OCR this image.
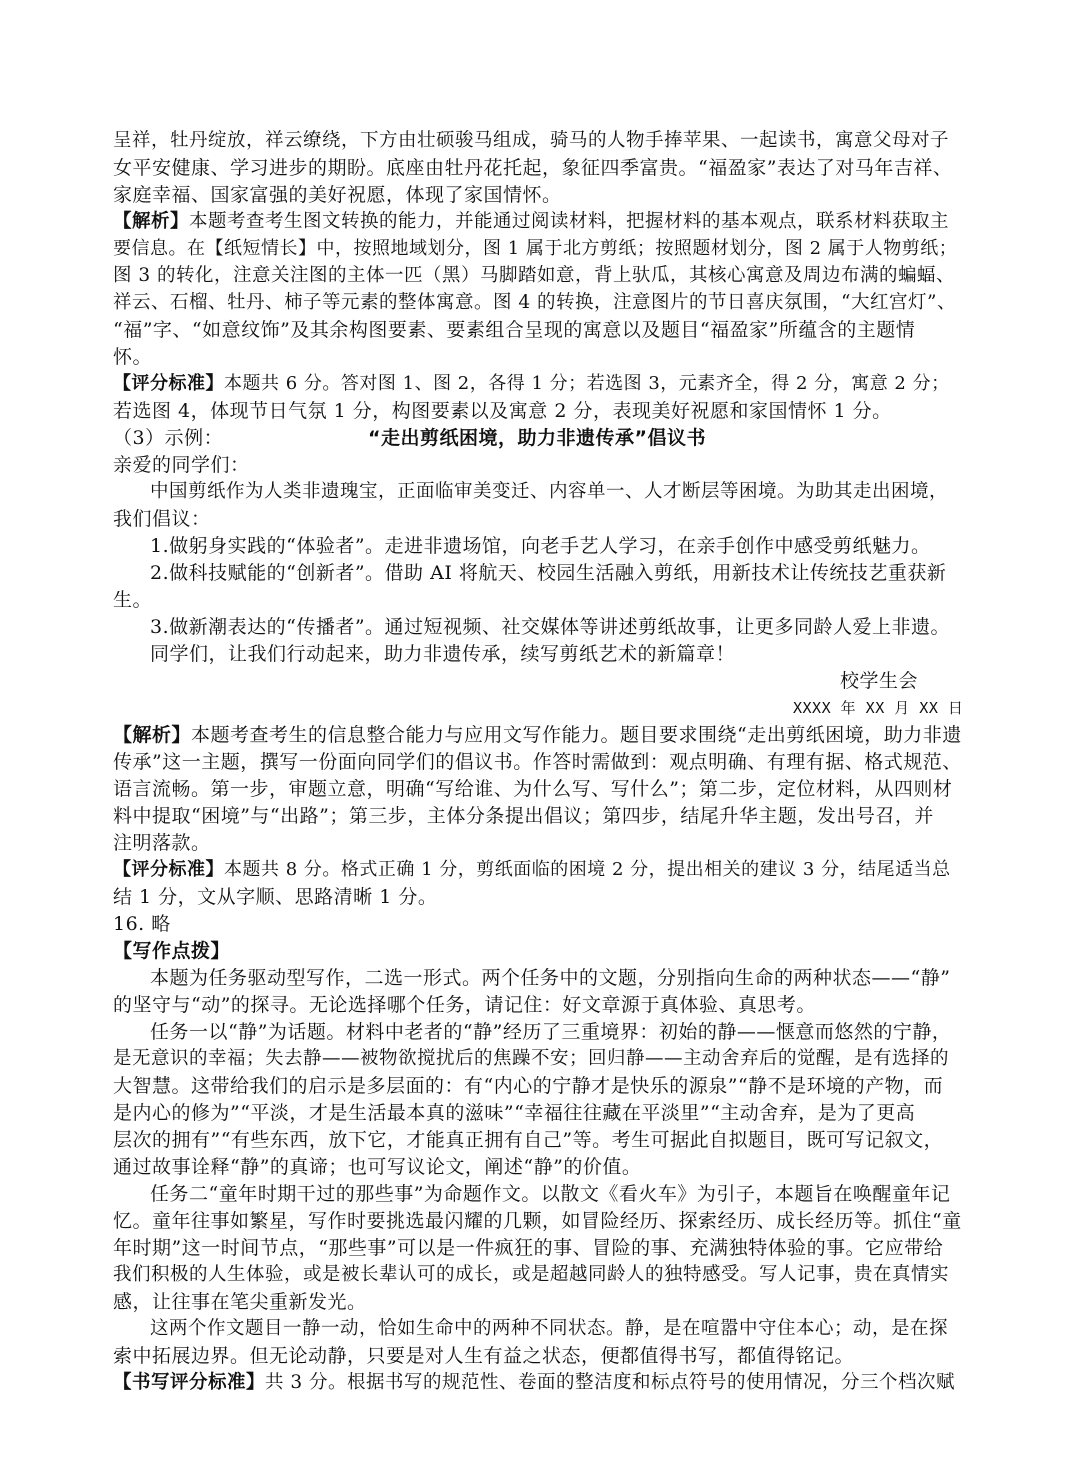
呈祥，牡丹绽放，祥云缭绕，下方由壮硕骏马组成，骑马的人物手捧苹果、一起读书，寓意父母对子
女平安健康、学习进步的期盼。底座由牡丹花托起，象征四季富贵。“福盈家”表达了对马年吉祥、
家庭幸福、国家富强的美好祝愿，体现了家国情怀。
【解析】本题考查考生图文转换的能力，并能通过阅读材料，把握材料的基本观点，联系材料获取主
要信息。在【纸短情长】中，按照地域划分，图 1 属于北方剪纸；按照题材划分，图 2 属于人物剪纸；
图 3 的转化，注意关注图的主体一匹（黑）马脚踏如意，背上驮瓜，其核心寓意及周边布满的蝙蝠、
祥云、石榴、牡丹、柿子等元素的整体寓意。图 4 的转换，注意图片的节日喜庆氛围，“大红宫灯”、
“福”字、“如意纹饰”及其余构图要素、要素组合呈现的寓意以及题目“福盈家”所蕴含的主题情
怀。
【评分标准】本题共 6 分。答对图 1、图 2，各得 1 分；若选图 3，元素齐全，得 2 分，寓意 2 分；
若选图 4，体现节日气氛 1 分，构图要素以及寓意 2 分，表现美好祝愿和家国情怀 1 分。
（3）示例：	“走出剪纸困境，助力非遗传承”倡议书
亲爱的同学们：
中国剪纸作为人类非遗瑰宝，正面临审美变迁、内容单一、人才断层等困境。为助其走出困境，
我们倡议：
1.做躬身实践的“体验者”。走进非遗场馆，向老手艺人学习，在亲手创作中感受剪纸魅力。
2.做科技赋能的“创新者”。借助 AI 将航天、校园生活融入剪纸，用新技术让传统技艺重获新
生。
3.做新潮表达的“传播者”。通过短视频、社交媒体等讲述剪纸故事，让更多同龄人爱上非遗。
同学们，让我们行动起来，助力非遗传承，续写剪纸艺术的新篇章！
校学生会
XXXX 年 XX 月 XX 日
【解析】本题考查考生的信息整合能力与应用文写作能力。题目要求围绕“走出剪纸困境，助力非遗
传承”这一主题，撰写一份面向同学们的倡议书。作答时需做到：观点明确、有理有据、格式规范、
语言流畅。第一步，审题立意，明确“写给谁、为什么写、写什么”；第二步，定位材料，从四则材
料中提取“困境”与“出路”；第三步，主体分条提出倡议；第四步，结尾升华主题，发出号召，并
注明落款。
【评分标准】本题共 8 分。格式正确 1 分，剪纸面临的困境 2 分，提出相关的建议 3 分，结尾适当总
结 1 分，文从字顺、思路清晰 1 分。
16. 略
【写作点拨】
本题为任务驱动型写作，二选一形式。两个任务中的文题，分别指向生命的两种状态——“静”
的坚守与“动”的探寻。无论选择哪个任务，请记住：好文章源于真体验、真思考。
任务一以“静”为话题。材料中老者的“静”经历了三重境界：初始的静——惬意而悠然的宁静，
是无意识的幸福；失去静——被物欲搅扰后的焦躁不安；回归静——主动舍弃后的觉醒，是有选择的
大智慧。这带给我们的启示是多层面的：有“内心的宁静才是快乐的源泉”“静不是环境的产物，而
是内心的修为”“平淡，才是生活最本真的滋味”“幸福往往藏在平淡里”“主动舍弃，是为了更高
层次的拥有”“有些东西，放下它，才能真正拥有自己”等。考生可据此自拟题目，既可写记叙文，
通过故事诠释“静”的真谛；也可写议论文，阐述“静”的价值。
任务二“童年时期干过的那些事”为命题作文。以散文《看火车》为引子，本题旨在唤醒童年记
忆。童年往事如繁星，写作时要挑选最闪耀的几颗，如冒险经历、探索经历、成长经历等。抓住“童
年时期”这一时间节点，“那些事”可以是一件疯狂的事、冒险的事、充满独特体验的事。它应带给
我们积极的人生体验，或是被长辈认可的成长，或是超越同龄人的独特感受。写人记事，贵在真情实
感，让往事在笔尖重新发光。
这两个作文题目一静一动，恰如生命中的两种不同状态。静，是在喧嚣中守住本心；动，是在探
索中拓展边界。但无论动静，只要是对人生有益之状态，便都值得书写，都值得铭记。
【书写评分标准】共 3 分。根据书写的规范性、卷面的整洁度和标点符号的使用情况，分三个档次赋
